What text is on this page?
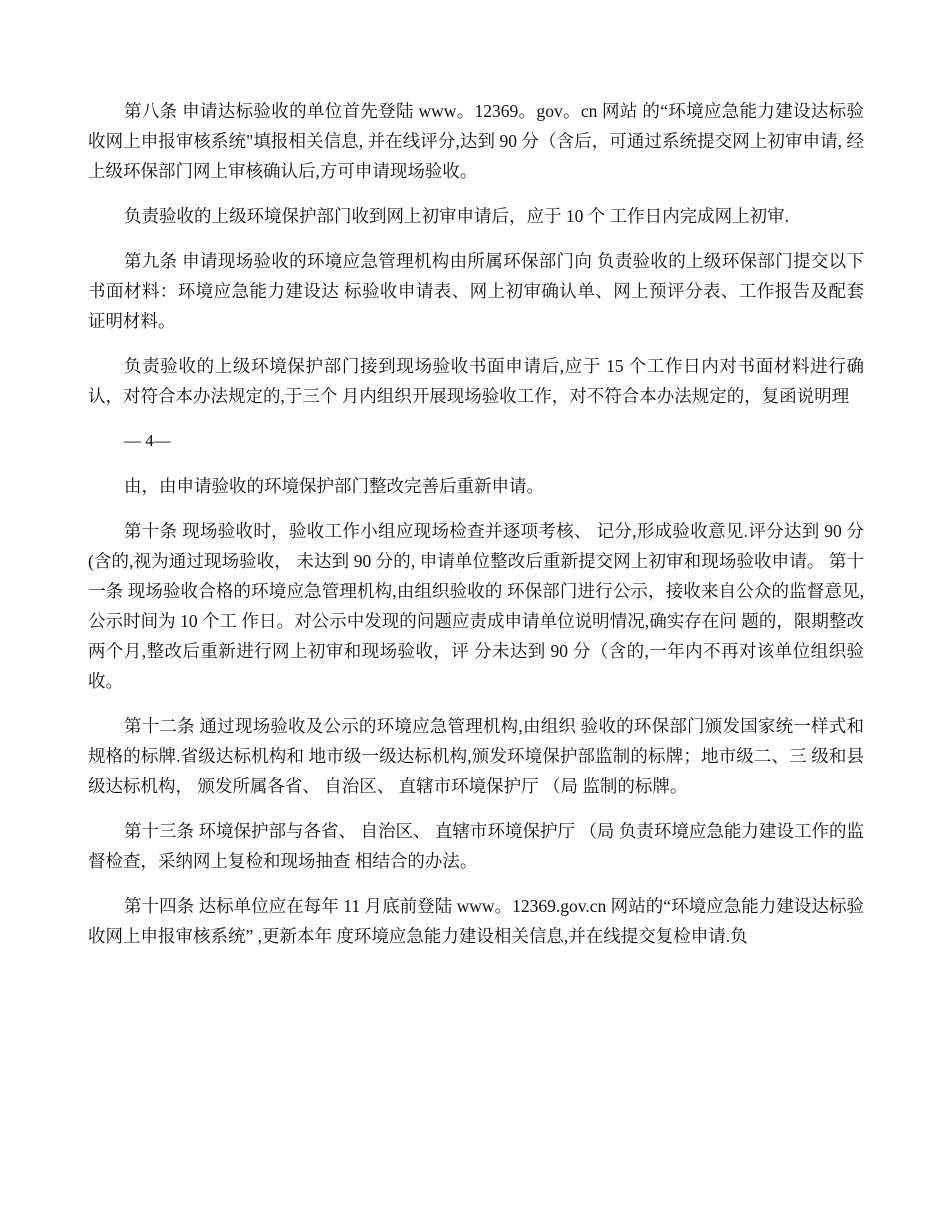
第八条 申请达标验收的单位首先登陆 www。12369。gov。cn 网站 的“环境应急能力建设达标验收网上申报审核系统"填报相关信息, 并在线评分,达到 90 分（含后，可通过系统提交网上初审申请, 经上级环保部门网上审核确认后,方可申请现场验收。

负责验收的上级环境保护部门收到网上初审申请后，应于 10 个 工作日内完成网上初审.

第九条 申请现场验收的环境应急管理机构由所属环保部门向 负责验收的上级环保部门提交以下书面材料：环境应急能力建设达 标验收申请表、网上初审确认单、网上预评分表、工作报告及配套 证明材料。

负责验收的上级环境保护部门接到现场验收书面申请后,应于 15 个工作日内对书面材料进行确认，对符合本办法规定的,于三个 月内组织开展现场验收工作，对不符合本办法规定的，复函说明理

— 4—

由，由申请验收的环境保护部门整改完善后重新申请。

第十条 现场验收时，验收工作小组应现场检查并逐项考核、 记分,形成验收意见.评分达到 90 分(含的,视为通过现场验收， 未达到 90 分的, 申请单位整改后重新提交网上初审和现场验收申请。 第十一条 现场验收合格的环境应急管理机构,由组织验收的 环保部门进行公示，接收来自公众的监督意见,公示时间为 10 个工 作日。对公示中发现的问题应责成申请单位说明情况,确实存在问 题的，限期整改两个月,整改后重新进行网上初审和现场验收，评 分未达到 90 分（含的,一年内不再对该单位组织验收。

第十二条 通过现场验收及公示的环境应急管理机构,由组织 验收的环保部门颁发国家统一样式和规格的标牌.省级达标机构和 地市级一级达标机构,颁发环境保护部监制的标牌；地市级二、三 级和县级达标机构， 颁发所属各省、 自治区、 直辖市环境保护厅 （局 监制的标牌。

第十三条 环境保护部与各省、 自治区、 直辖市环境保护厅 （局 负责环境应急能力建设工作的监督检查，采纳网上复检和现场抽查 相结合的办法。

第十四条 达标单位应在每年 11 月底前登陆 www。12369.gov.cn 网站的“环境应急能力建设达标验收网上申报审核系统” ,更新本年 度环境应急能力建设相关信息,并在线提交复检申请.负
